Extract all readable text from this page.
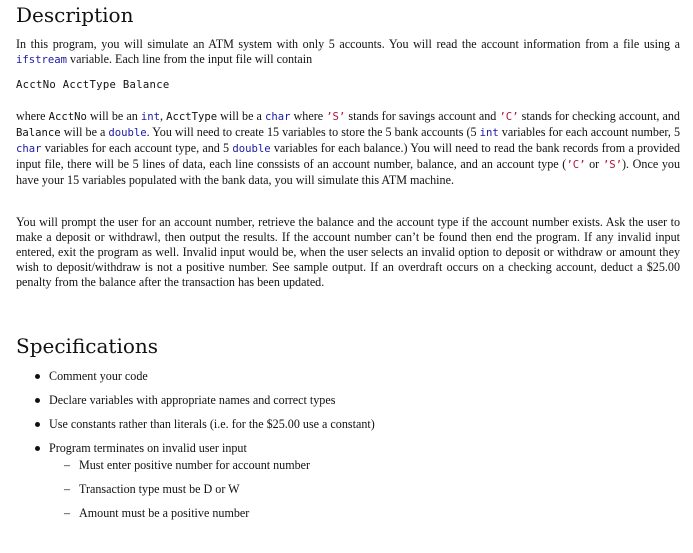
Description

In this program, you will simulate an ATM system with only 5 accounts. You will read the account information from a file using a ifstream variable. Each line from the input file will contain

AcctNo AcctType Balance

where AcctNo will be an int, AcctType will be a char where ’S’ stands for savings account and ’C’ stands for checking account, and Balance will be a double. You will need to create 15 variables to store the 5 bank accounts (5 int variables for each account number, 5 char variables for each account type, and 5 double variables for each balance.) You will need to read the bank records from a provided input file, there will be 5 lines of data, each line conssists of an account number, balance, and an account type (’C’ or ’S’). Once you have your 15 variables populated with the bank data, you will simulate this ATM machine.

You will prompt the user for an account number, retrieve the balance and the account type if the account number exists. Ask the user to make a deposit or withdrawl, then output the results. If the account number can’t be found then end the program. If any invalid input entered, exit the program as well. Invalid input would be, when the user selects an invalid option to deposit or withdraw or amount they wish to deposit/withdraw is not a positive number. See sample output. If an overdraft occurs on a checking account, deduct a $25.00 penalty from the balance after the transaction has been updated.

Specifications
Comment your code
Declare variables with appropriate names and correct types
Use constants rather than literals (i.e. for the $25.00 use a constant)
Program terminates on invalid user input
– Must enter positive number for account number
– Transaction type must be D or W
– Amount must be a positive number
